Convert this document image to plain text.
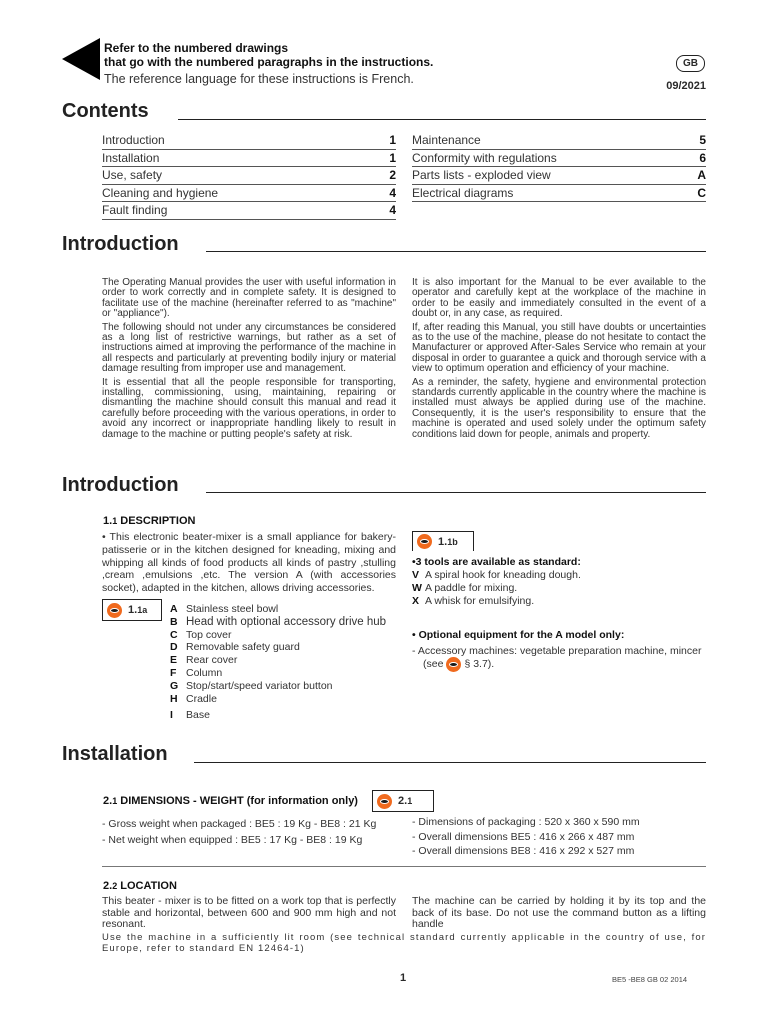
Refer to the numbered drawings
that go with the numbered paragraphs in the instructions.
The reference language for these instructions is French.
GB
09/2021
Contents
Introduction	1
Installation	1
Use, safety	2
Cleaning and hygiene	4
Fault finding	4
Maintenance	5
Conformity with regulations	6
Parts lists - exploded view	A
Electrical diagrams	C
Introduction

The Operating Manual provides the user with useful information in order to work correctly and in complete safety. It is designed to facilitate use of the machine (hereinafter referred to as "machine" or "appliance").

The following should not under any circumstances be considered as a long list of restrictive warnings, but rather as a set of instructions aimed at improving the performance of the machine in all respects and particularly at preventing bodily injury or material damage resulting from improper use and management.

It is essential that all the people responsible for transporting, installing, commissioning, using, maintaining, repairing or dismantling the machine should consult this manual and read it carefully before proceeding with the various operations, in order to avoid any incorrect or inappropriate handling likely to result in damage to the machine or putting people's safety at risk.

It is also important for the Manual to be ever available to the operator and carefully kept at the workplace of the machine in order to be easily and immediately consulted in the event of a doubt or, in any case, as required.

If, after reading this Manual, you still have doubts or uncertainties as to the use of the machine, please do not hesitate to contact the Manufacturer or approved After-Sales Service who remain at your disposal in order to guarantee a quick and thorough service with a view to optimum operation and efficiency of your machine.

As a reminder, the safety, hygiene and environmental protection standards currently applicable in the country where the machine is installed must always be applied during use of the machine. Consequently, it is the user's responsibility to ensure that the machine is operated and used solely under the optimum safety conditions laid down for people, animals and property.

Introduction
1.1 DESCRIPTION
• This electronic beater-mixer is a small appliance for bakery-patisserie or in the kitchen designed for kneading, mixing and whipping all kinds of food products all kinds of pastry ,stulling ,cream ,emulsions ,etc. The version A (with accessories socket), adapted in the kitchen, allows driving accessories.
1.1a A Stainless steel bowl
B Head with optional accessory drive hub
C Top cover
D Removable safety guard
E Rear cover
F Column
G Stop/start/speed variator button
H Cradle
I	Base
1.1b
•3 tools are available as standard:
V A spiral hook for kneading dough.
W A paddle for mixing.
X A whisk for emulsifying.
• Optional equipment for the A model only:
- Accessory machines: vegetable preparation machine, mincer
(see § 3.7).
Installation
2.1 DIMENSIONS - WEIGHT (for information only)	2.1
- Gross weight when packaged : BE5 : 19 Kg - BE8 : 21 Kg
- Net weight when equipped : BE5 : 17 Kg - BE8 : 19 Kg
- Dimensions of packaging : 520 x 360 x 590 mm
- Overall dimensions BE5 : 416 x 266 x 487 mm
- Overall dimensions BE8 : 416 x 292 x 527 mm
2.2 LOCATION
This beater - mixer is to be fitted on a work top that is perfectly stable and horizontal, between 600 and 900 mm high and not resonant.
The machine can be carried by holding it by its top and the back of its base. Do not use the command button as a lifting handle
Use the machine in a sufficiently lit room (see technical standard currently applicable in the country of use, for Europe, refer to standard EN 12464-1)
1	BE5 -BE8 GB 02 2014
